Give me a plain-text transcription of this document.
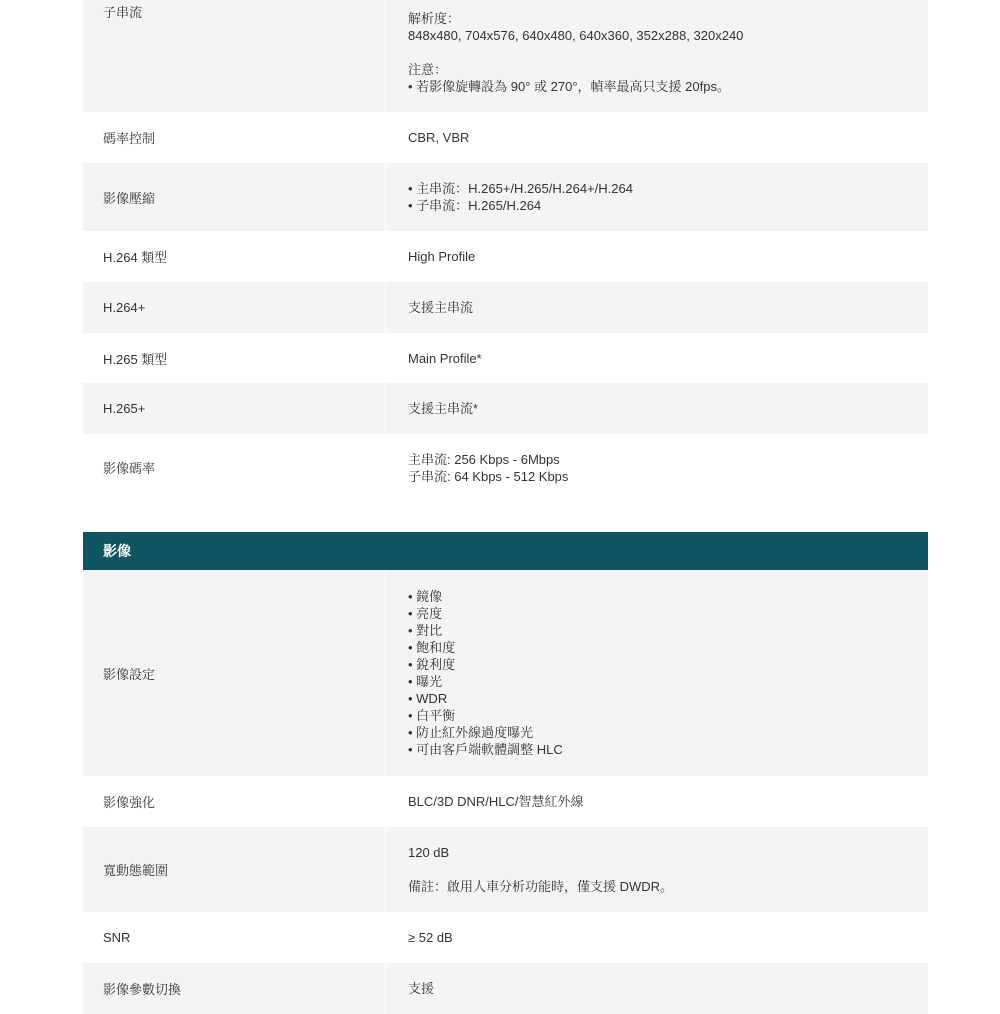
子串流	解析度：
848x480, 704x576, 640x480, 640x360, 352x288, 320x240
注意：
• 若影像旋轉設為 90° 或 270°，幀率最高只支援 20fps。
碼率控制	CBR, VBR
影像壓縮
• 主串流：H.265+/H.265/H.264+/H.264
• 子串流：H.265/H.264
H.264 類型	High Profile
H.264+	支援主串流
H.265 類型	Main Profile*
H.265+	支援主串流*
影像碼率
主串流: 256 Kbps - 6Mbps
子串流: 64 Kbps - 512 Kbps
影像
影像設定
• 鏡像
• 亮度
• 對比
• 飽和度
• 銳利度
• 曝光
• WDR
• 白平衡
• 防止紅外線過度曝光
• 可由客戶端軟體調整 HLC
影像強化	BLC/3D DNR/HLC/智慧紅外線
寬動態範圍
120 dB
備註：啟用人車分析功能時，僅支援 DWDR。
SNR	≥ 52 dB
影像參數切換	支援
